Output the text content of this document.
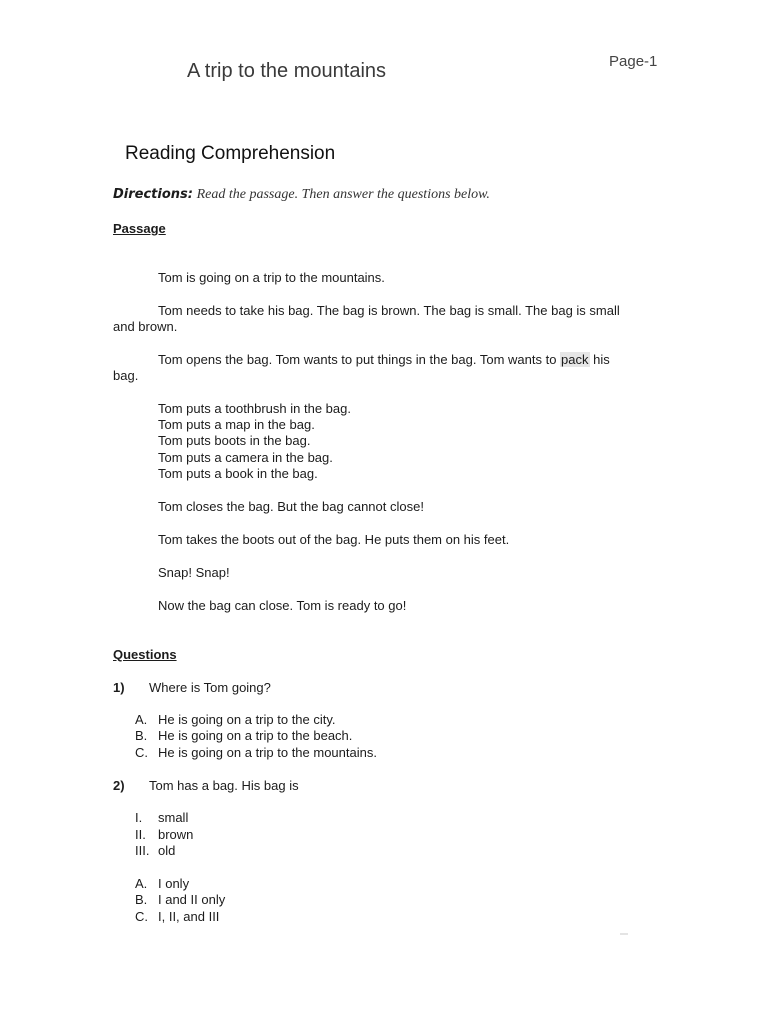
A trip to the mountains	Page-1
Reading Comprehension
Directions: Read the passage. Then answer the questions below.
Passage
Tom is going on a trip to the mountains.
Tom needs to take his bag. The bag is brown. The bag is small. The bag is small
and brown.
Tom opens the bag. Tom wants to put things in the bag. Tom wants to pack his
bag.
Tom puts a toothbrush in the bag.
Tom puts a map in the bag.
Tom puts boots in the bag.
Tom puts a camera in the bag.
Tom puts a book in the bag.
Tom closes the bag. But the bag cannot close!
Tom takes the boots out of the bag. He puts them on his feet.
Snap! Snap!
Now the bag can close. Tom is ready to go!
Questions
1) Where is Tom going?
A. He is going on a trip to the city.
B. He is going on a trip to the beach.
C. He is going on a trip to the mountains.
2) Tom has a bag. His bag is
I. small
II. brown
III. old
A. I only
B. I and II only
C. I, II, and III
